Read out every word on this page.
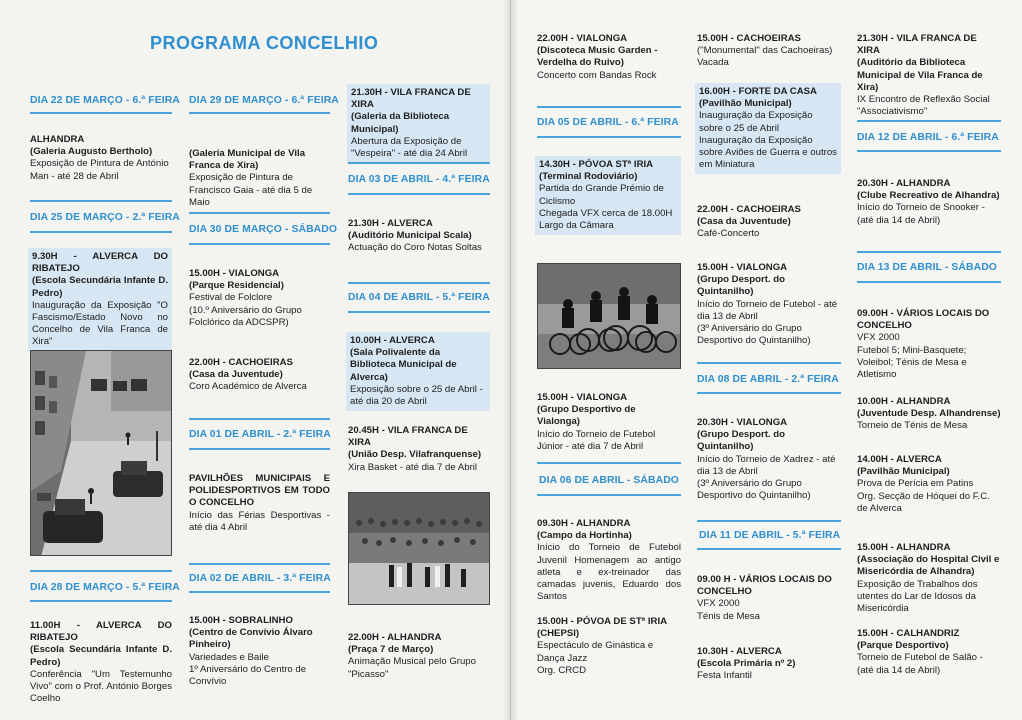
PROGRAMA CONCELHIO
DIA 22 DE MARÇO - 6.ª FEIRA
ALHANDRA
(Galeria Augusto Bertholo)
Exposição de Pintura de António Man - até 28 de Abril
DIA 25 DE MARÇO - 2.ª FEIRA
9.30H - ALVERCA DO RIBATEJO
(Escola Secundária Infante D. Pedro)
Inauguração da Exposição "O Fascismo/Estado Novo no Concelho de Vila Franca de Xira"
DIA 28 DE MARÇO - 5.ª FEIRA
11.00H - ALVERCA DO RIBATEJO
(Escola Secundária Infante D. Pedro)
Conferência "Um Testemunho Vivo" com o Prof. António Borges Coelho
DIA 29 DE MARÇO - 6.ª FEIRA
(Galeria Municipal de Vila Franca de Xira)
Exposição de Pintura de Francisco Gaia - até dia 5 de Maio
DIA 30 DE MARÇO - SÁBADO
15.00H - VIALONGA
(Parque Residencial)
Festival de Folclore
(10.º Aniversário do Grupo Folclórico da ADCSPR)
22.00H - CACHOEIRAS
(Casa da Juventude)
Coro Académico de Alverca
DIA 01 DE ABRIL - 2.ª FEIRA
PAVILHÕES MUNICIPAIS E POLIDESPORTIVOS EM TODO O CONCELHO
Início das Férias Desportivas - até dia 4 Abril
DIA 02 DE ABRIL - 3.ª FEIRA
15.00H - SOBRALINHO
(Centro de Convívio Álvaro Pinheiro)
Variedades e Baile
1º Aniversário do Centro de Convívio
21.30H - VILA FRANCA DE XIRA
(Galeria da Biblioteca Municipal)
Abertura da Exposição de "Vespeira" - até dia 24 Abril
DIA 03 DE ABRIL - 4.ª FEIRA
21.30H - ALVERCA
(Auditório Municipal Scala)
Actuação do Coro Notas Soltas
DIA 04 DE ABRIL - 5.ª FEIRA
10.00H - ALVERCA
(Sala Polivalente da Biblioteca Municipal de Alverca)
Exposição sobre o 25 de Abril - até dia 20 de Abril
20.45H - VILA FRANCA DE XIRA
(União Desp. Vilafranquense)
Xira Basket - até dia 7 de Abril
22.00H - ALHANDRA
(Praça 7 de Março)
Animação Musical pelo Grupo "Picasso"
22.00H - VIALONGA
(Discoteca Music Garden - Verdelha do Ruivo)
Concerto com Bandas Rock
DIA 05 DE ABRIL - 6.ª FEIRA
14.30H - PÓVOA STª IRIA
(Terminal Rodoviário)
Partida do Grande Prémio de Ciclismo
Chegada VFX cerca de 18.00H
Largo da Câmara
15.00H - VIALONGA
(Grupo Desportivo de Vialonga)
Início do Torneio de Futebol Júnior - até dia 7 de Abril
DIA 06 DE ABRIL - SÁBADO
09.30H - ALHANDRA
(Campo da Hortinha)
Início do Torneio de Futebol Juvenil Homenagem ao antigo atleta e ex-treinador das camadas juvenis, Eduardo dos Santos
15.00H - PÓVOA DE STª IRIA
(CHEPSI)
Espectáculo de Ginástica e Dança Jazz
Org. CRCD
15.00H - CACHOEIRAS
("Monumental" das Cachoeiras)
Vacada
16.00H - FORTE DA CASA
(Pavilhão Municipal)
Inauguração da Exposição sobre o 25 de Abril
Inauguração da Exposição sobre Aviões de Guerra e outros em Miniatura
22.00H - CACHOEIRAS
(Casa da Juventude)
Café-Concerto
15.00H - VIALONGA
(Grupo Desport. do Quintanilho)
Início do Torneio de Futebol - até dia 13 de Abril
(3º Aniversário do Grupo Desportivo do Quintanilho)
DIA 08 DE ABRIL - 2.ª FEIRA
20.30H - VIALONGA
(Grupo Desport. do Quintanilho)
Início do Torneio de Xadrez - até dia 13 de Abril
(3º Aniversário do Grupo Desportivo do Quintanilho)
DIA 11 DE ABRIL - 5.ª FEIRA
09.00 H - VÁRIOS LOCAIS DO CONCELHO
VFX 2000
Ténis de Mesa
10.30H - ALVERCA
(Escola Primária nº 2)
Festa Infantil
21.30H - VILA FRANCA DE XIRA
(Auditório da Biblioteca Municipal de Vila Franca de Xira)
IX Encontro de Reflexão Social "Associativismo"
DIA 12 DE ABRIL - 6.ª FEIRA
20.30H - ALHANDRA
(Clube Recreativo de Alhandra)
Início do Torneio de Snooker - (até dia 14 de Abril)
DIA 13 DE ABRIL - SÁBADO
09.00H - VÁRIOS LOCAIS DO CONCELHO
VFX 2000
Futebol 5; Mini-Basquete; Voleibol; Ténis de Mesa e Atletismo
10.00H - ALHANDRA
(Juventude Desp. Alhandrense)
Torneio de Ténis de Mesa
14.00H - ALVERCA
(Pavilhão Municipal)
Prova de Perícia em Patins
Org. Secção de Hóquei do F.C. de Alverca
15.00H - ALHANDRA
(Associação do Hospital Civil e Misericórdia de Alhandra)
Exposição de Trabalhos dos utentes do Lar de Idosos da Misericórdia
15.00H - CALHANDRIZ
(Parque Desportivo)
Torneio de Futebol de Salão - (até dia 14 de Abril)
